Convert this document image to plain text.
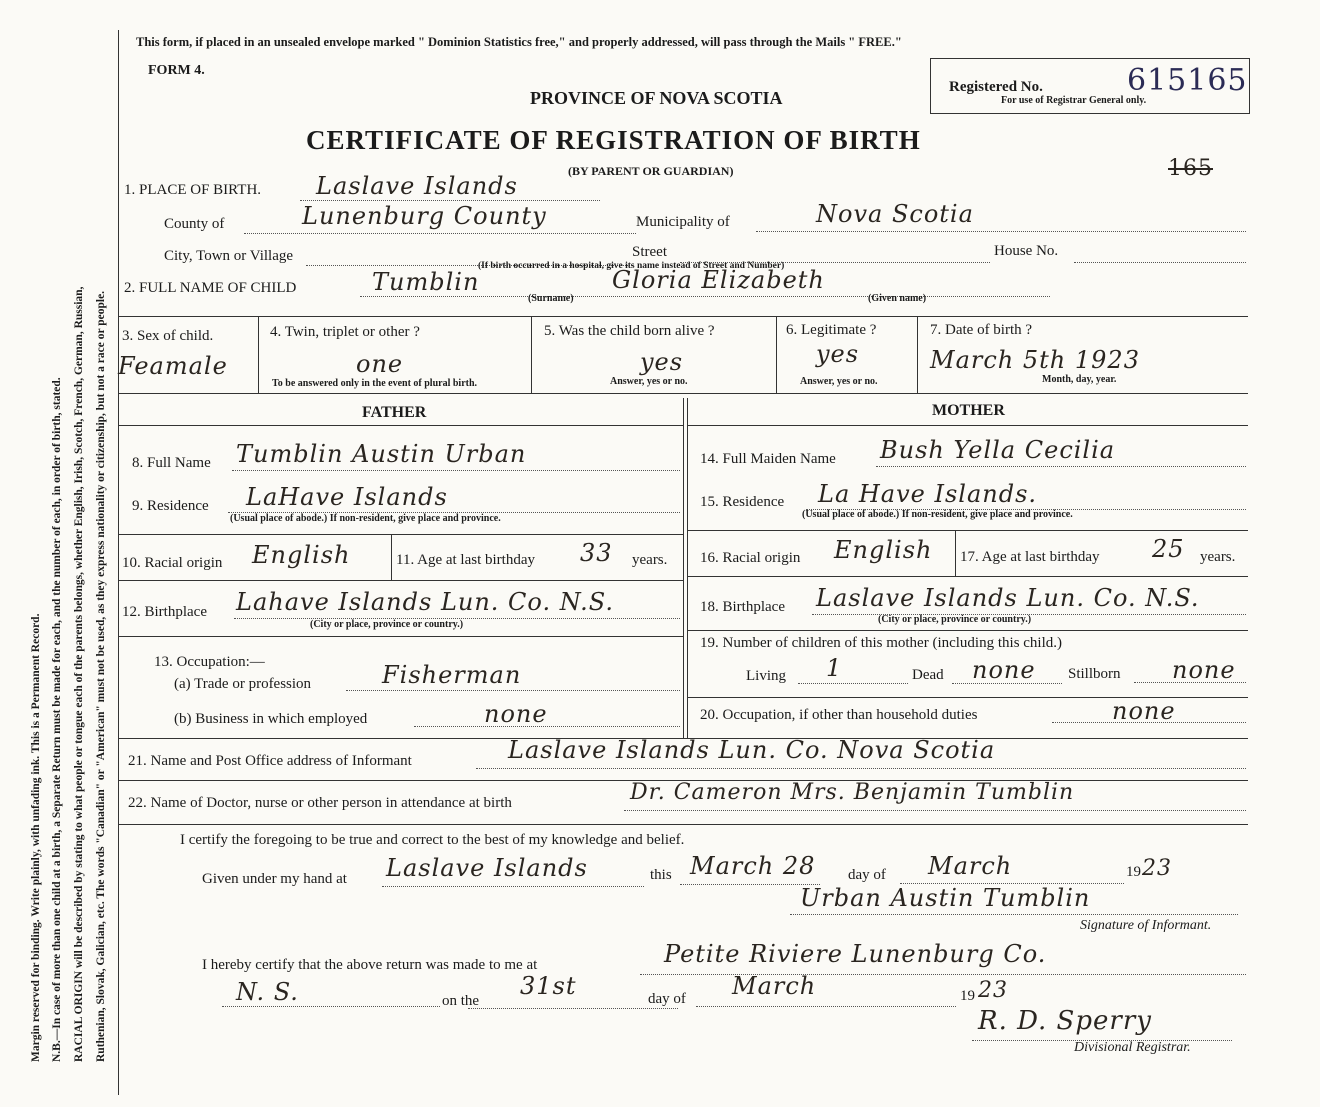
Margin reserved for binding. Write plainly, with unfading ink. This is a Permanent Record. N.B.—In case of more than one child at a birth, a Separate Return must be made for each, and the number of each, in order of birth, stated. RACIAL ORIGIN will be described by stating to what people or tongue each of the parents belongs, whether English, Irish, Scotch, French, German, Russian, Ruthenian, Slovak, Galician, etc. The words "Canadian" or "American" must not be used, as they express nationality or citizenship, but not a race or people.
This form, if placed in an unsealed envelope marked " Dominion Statistics free," and properly addressed, will pass through the Mails " FREE."
FORM 4.
PROVINCE OF NOVA SCOTIA
CERTIFICATE OF REGISTRATION OF BIRTH
(BY PARENT OR GUARDIAN)
Registered No.	615165
For use of Registrar General only.
165
1. PLACE OF BIRTH. Laslave Islands
County of	Lunenburg County	Municipality of	Nova Scotia
City, Town or Village	Street	House No.
(If birth occurred in a hospital, give its name instead of Street and Number)
2. FULL NAME OF CHILD	Tumblin
(Surname)
Gloria Elizabeth
(Given name)
3. Sex of child.
Feamale
4. Twin, triplet or other ?
one
To be answered only in the event of plural birth.
5. Was the child born alive ?
yes
Answer, yes or no.
6. Legitimate ?
yes
Answer, yes or no.
7. Date of birth ?
March 5th 1923
Month, day, year.
FATHER	MOTHER
8. Full Name Tumblin Austin Urban
9. Residence LaHave Islands
(Usual place of abode.) If non-resident, give place and province.
10. Racial origin English	11. Age at last birthday 33 years.
12. Birthplace Lahave Islands Lun. Co. N.S.
(City or place, province or country.)
13. Occupation:—
(a) Trade or profession	Fisherman
(b) Business in which employed	none
14. Full Maiden Name Bush Yella Cecilia
15. Residence La Have Islands.
(Usual place of abode.) If non-resident, give place and province.
16. Racial origin English 17. Age at last birthday 25 years.
18. Birthplace Laslave Islands Lun. Co. N.S.
(City or place, province or country.)
19. Number of children of this mother (including this child.)
Living 1	Dead none Stillborn none
20. Occupation, if other than household duties	none
21. Name and Post Office address of Informant	Laslave Islands Lun. Co. Nova Scotia
22. Name of Doctor, nurse or other person in attendance at birth	Dr. Cameron Mrs. Benjamin Tumblin
I certify the foregoing to be true and correct to the best of my knowledge and belief.
Given under my hand at Laslave Islands	this March 28 day of March	19 23
Urban Austin Tumblin
Signature of Informant.
I hereby certify that the above return was made to me at	Petite Riviere Lunenburg Co.
N. S.	on the
31st	day of March	19 23
R. D. Sperry
Divisional Registrar.
